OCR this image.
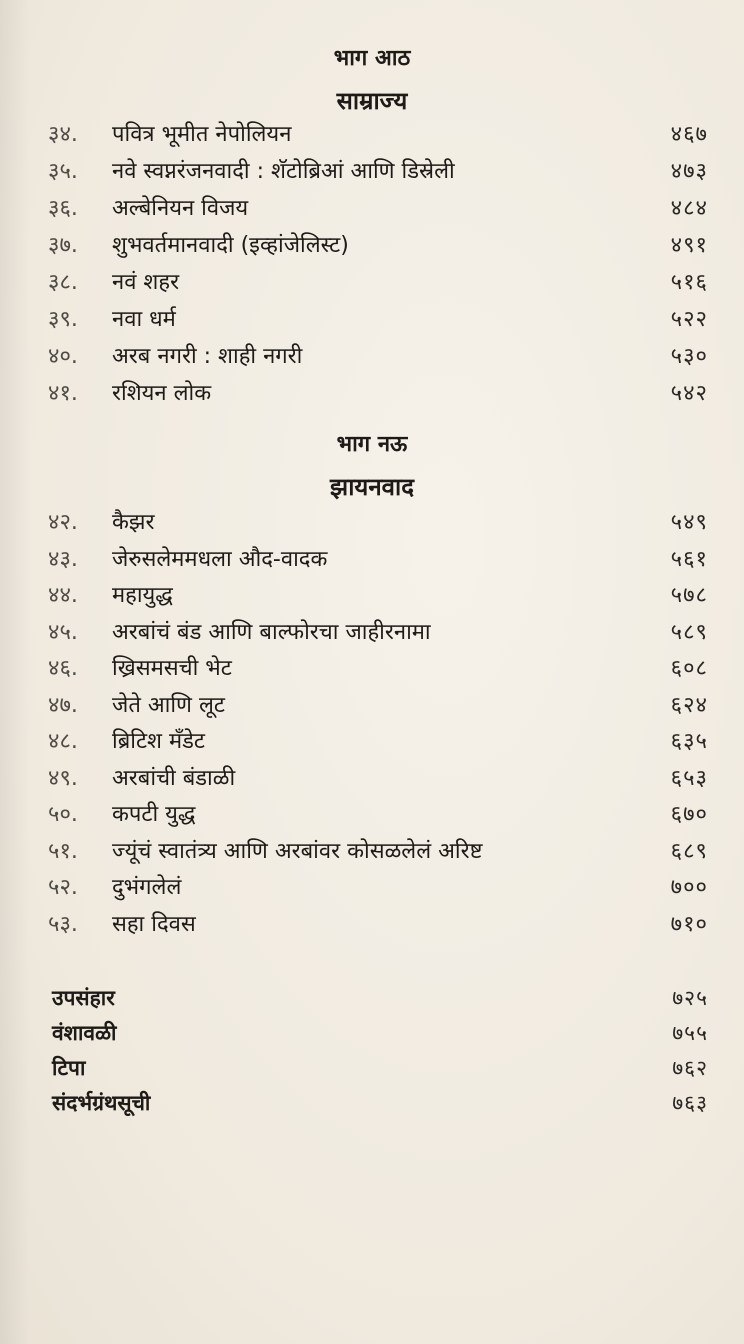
भाग आठ
साम्राज्य
३४.	पवित्र भूमीत नेपोलियन	४६७
३५.	नवे स्वप्नरंजनवादी : शॅटोब्रिआं आणि डिस्रेली	४७३
३६.	अल्बेनियन विजय	४८४
३७.	शुभवर्तमानवादी (इव्हांजेलिस्ट)	४९१
३८.	नवं शहर	५१६
३९.	नवा धर्म	५२२
४०.	अरब नगरी : शाही नगरी	५३०
४१.	रशियन लोक	५४२
भाग नऊ
झायनवाद
४२.	कैझर	५४९
४३.	जेरुसलेममधला औद-वादक	५६१
४४.	महायुद्ध	५७८
४५.	अरबांचं बंड आणि बाल्फोरचा जाहीरनामा	५८९
४६.	ख्रिसमसची भेट	६०८
४७.	जेते आणि लूट	६२४
४८.	ब्रिटिश मँडेट	६३५
४९.	अरबांची बंडाळी	६५३
५०.	कपटी युद्ध	६७०
५१.	ज्यूंचं स्वातंत्र्य आणि अरबांवर कोसळलेलं अरिष्ट	६८९
५२.	दुभंगलेलं	७००
५३.	सहा दिवस	७१०
उपसंहार	७२५
वंशावळी	७५५
टिपा	७६२
संदर्भग्रंथसूची	७६३
